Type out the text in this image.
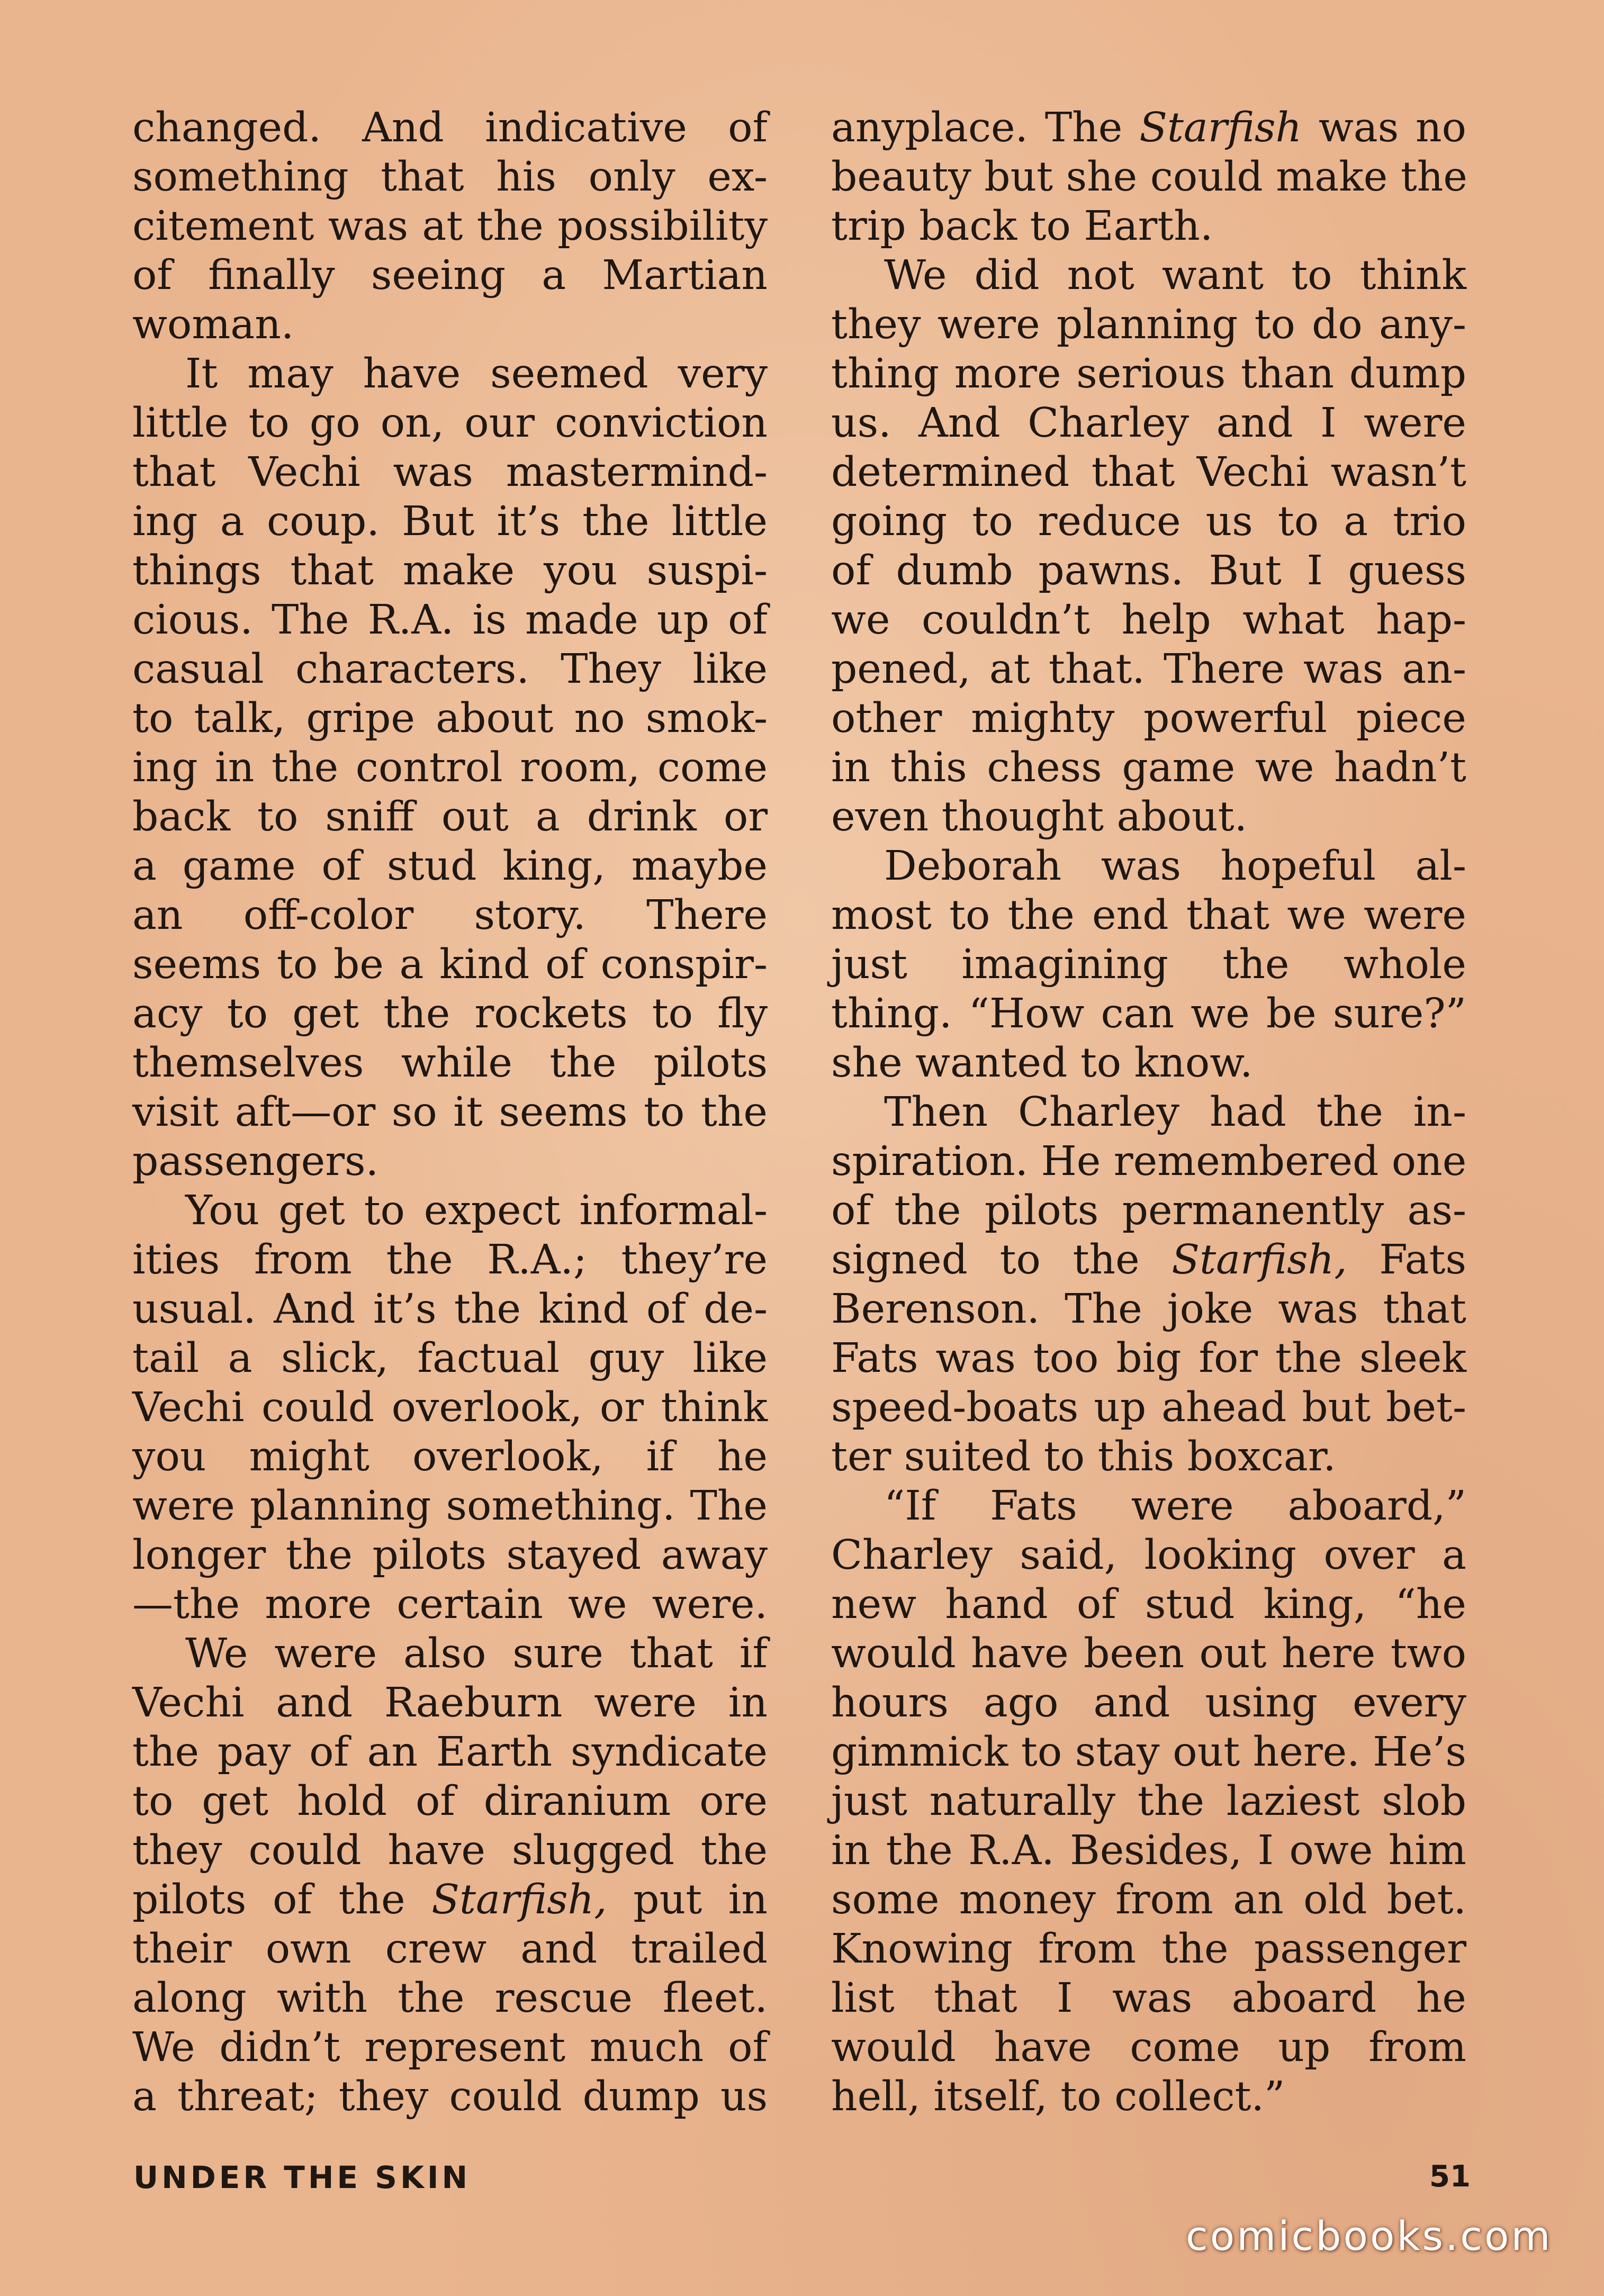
changed. And indicative of
something that his only ex-
citement was at the possibility
of finally seeing a Martian
woman.
It may have seemed very
little to go on, our conviction
that Vechi was mastermind-
ing a coup. But it’s the little
things that make you suspi-
cious. The R.A. is made up of
casual characters. They like
to talk, gripe about no smok-
ing in the control room, come
back to sniff out a drink or
a game of stud king, maybe
an off-color story. There
seems to be a kind of conspir-
acy to get the rockets to fly
themselves while the pilots
visit aft—or so it seems to the
passengers.
You get to expect informal-
ities from the R.A.; they’re
usual. And it’s the kind of de-
tail a slick, factual guy like
Vechi could overlook, or think
you might overlook, if he
were planning something. The
longer the pilots stayed away
—the more certain we were.
We were also sure that if
Vechi and Raeburn were in
the pay of an Earth syndicate
to get hold of diranium ore
they could have slugged the
pilots of the Starfish, put in
their own crew and trailed
along with the rescue fleet.
We didn’t represent much of
a threat; they could dump us
anyplace. The Starfish was no
beauty but she could make the
trip back to Earth.
We did not want to think
they were planning to do any-
thing more serious than dump
us. And Charley and I were
determined that Vechi wasn’t
going to reduce us to a trio
of dumb pawns. But I guess
we couldn’t help what hap-
pened, at that. There was an-
other mighty powerful piece
in this chess game we hadn’t
even thought about.
Deborah was hopeful al-
most to the end that we were
just imagining the whole
thing. “How can we be sure?”
she wanted to know.
Then Charley had the in-
spiration. He remembered one
of the pilots permanently as-
signed to the Starfish, Fats
Berenson. The joke was that
Fats was too big for the sleek
speed-boats up ahead but bet-
ter suited to this boxcar.
“If Fats were aboard,”
Charley said, looking over a
new hand of stud king, “he
would have been out here two
hours ago and using every
gimmick to stay out here. He’s
just naturally the laziest slob
in the R.A. Besides, I owe him
some money from an old bet.
Knowing from the passenger
list that I was aboard he
would have come up from
hell, itself, to collect.”
UNDER THE SKIN	51
comicbooks.com
